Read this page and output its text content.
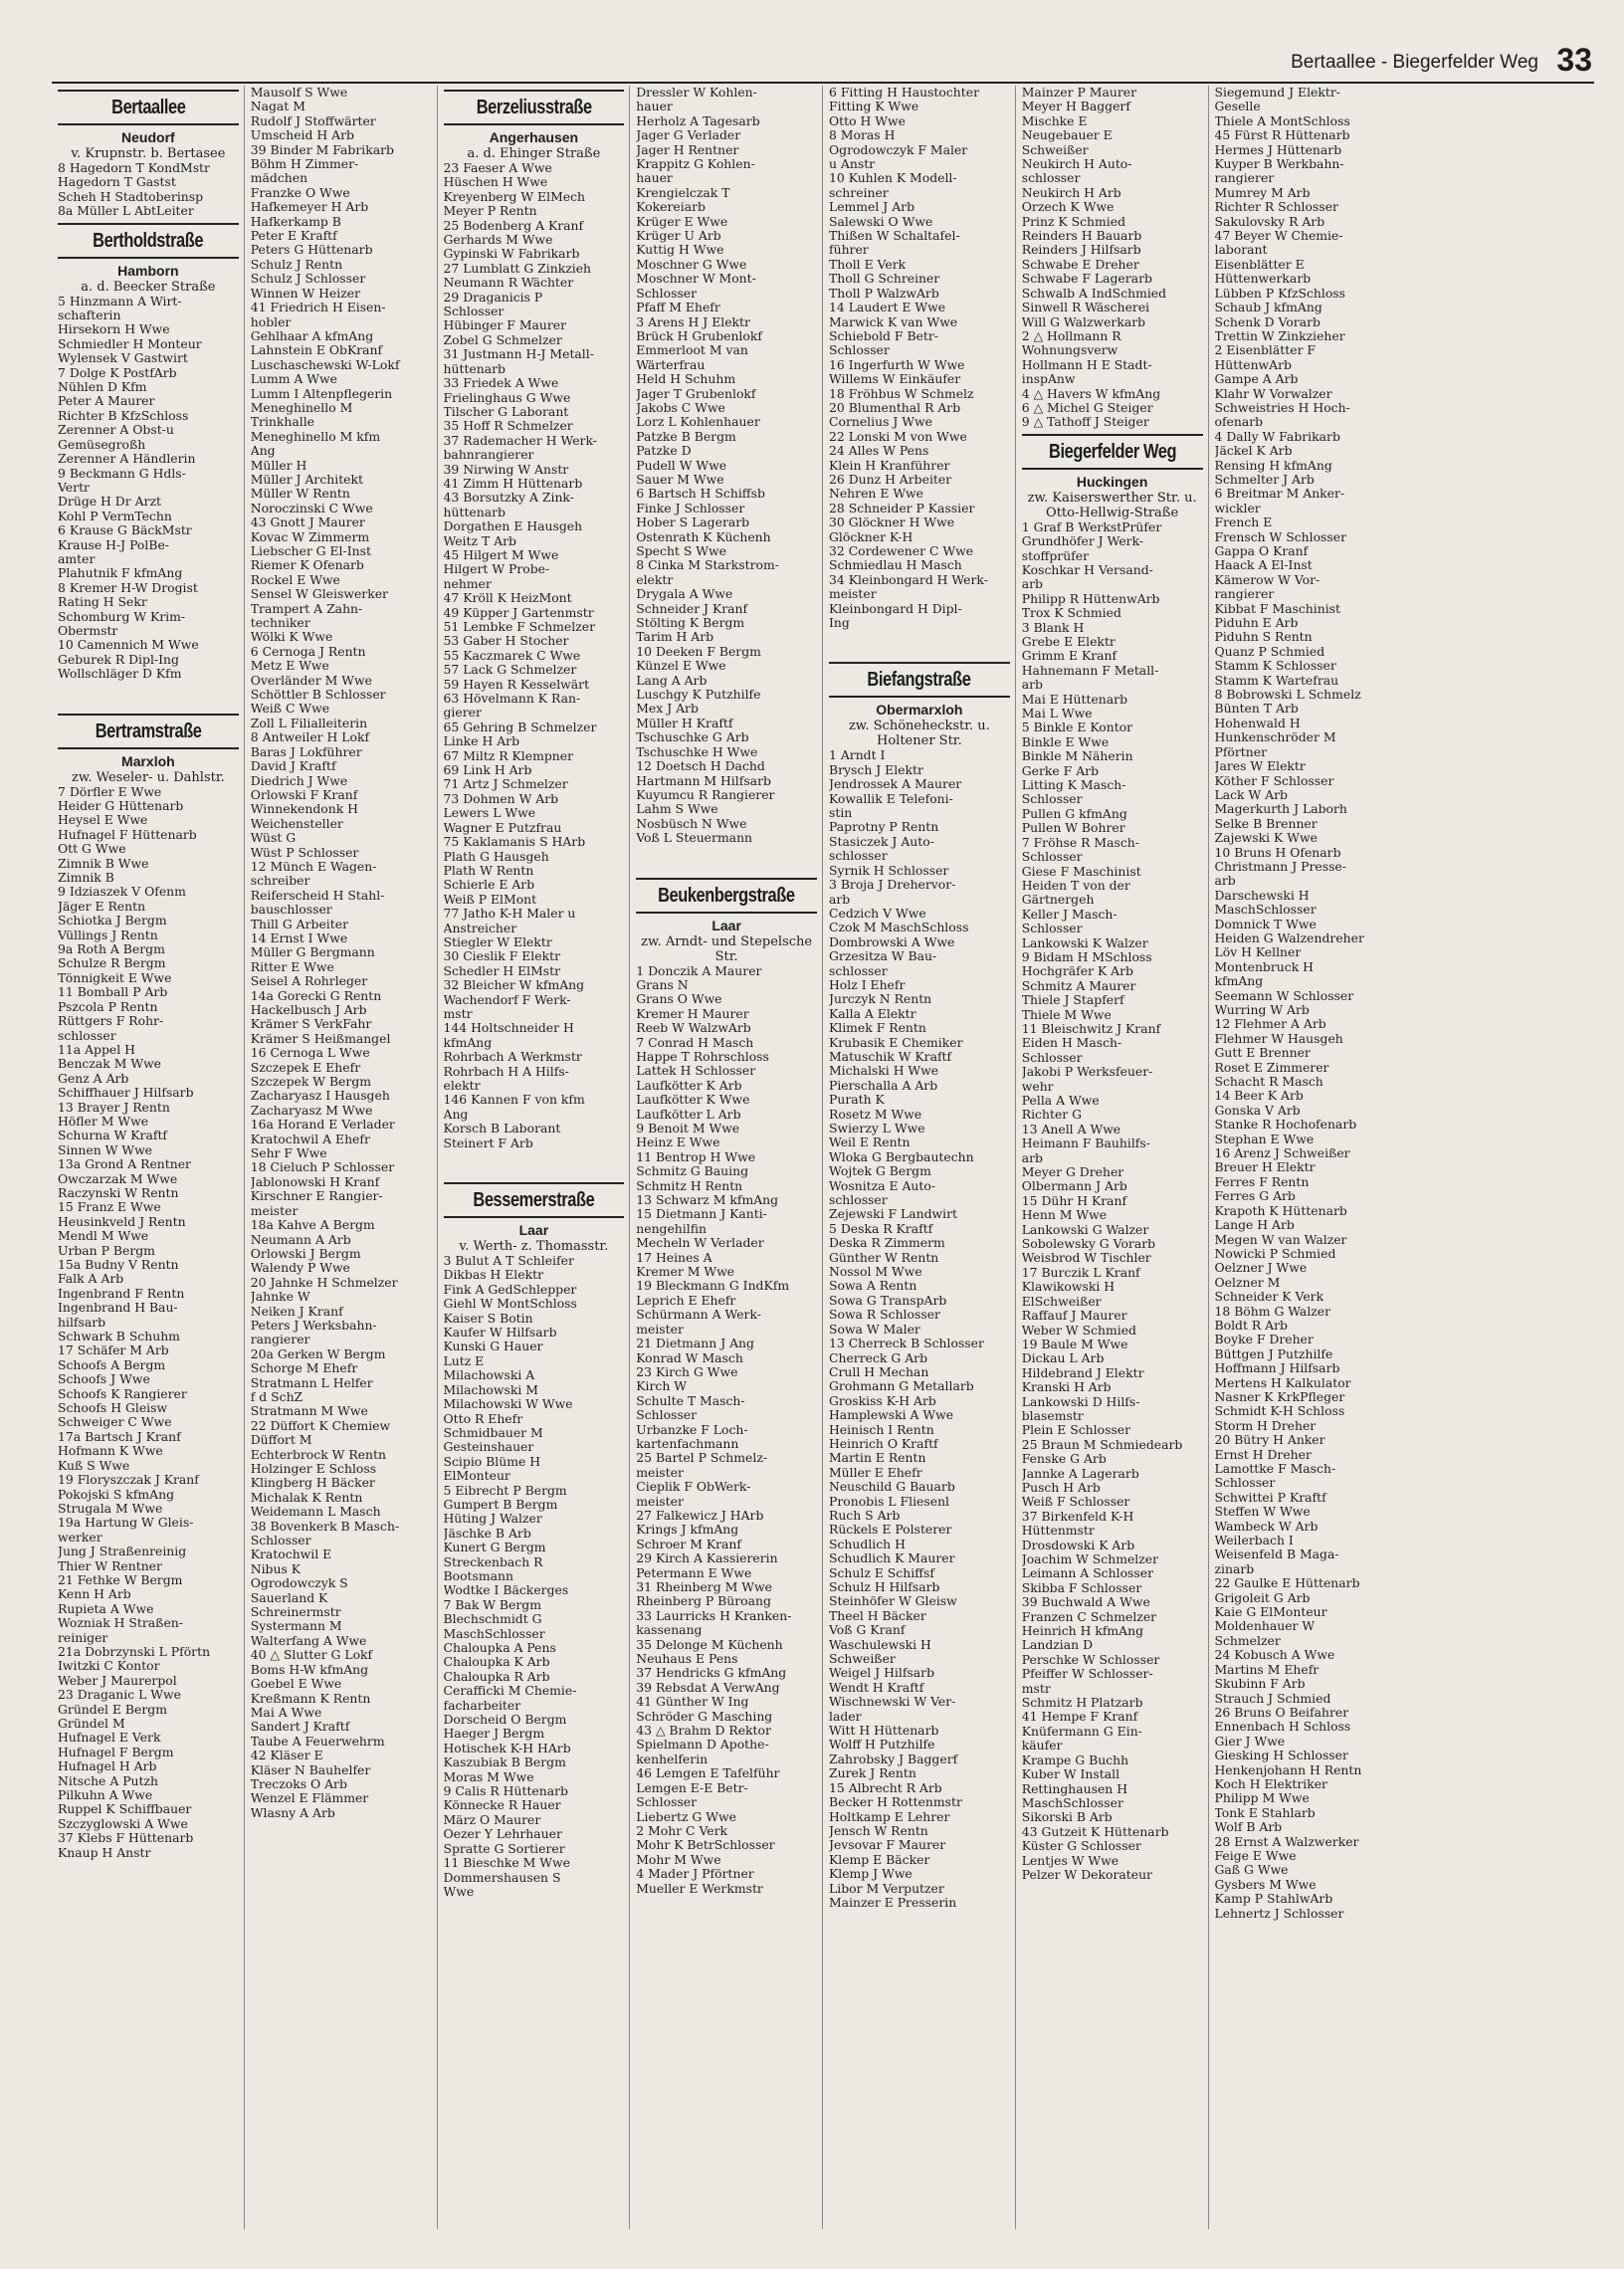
Bertaallee - Biegerfelder Weg 33
Bertaallee
Neudorf
v. Krupnstr. b. Bertasee
8 Hagedorn T KondMstr
Hagedorn T Gastst
Scheh H Stadtoberinsp
8a Müller L AbtLeiter
Bertholdstraße
Hamborn
a. d. Beecker Straße
5 Hinzmann A Wirt-
schafterin
Hirsekorn H Wwe
Schmiedler H Monteur
Wylensek V Gastwirt
7 Dolge K PostfArb
Nühlen D Kfm
Peter A Maurer
Richter B KfzSchloss
Zerenner A Obst-u
Gemüsegroßh
Zerenner A Händlerin
9 Beckmann G Hdls-
Vertr
Drüge H Dr Arzt
Kohl P VermTechn
6 Krause G BäckMstr
Krause H-J PolBe-
amter
Plahutnik F kfmAng
8 Kremer H-W Drogist
Rating H Sekr
Schomburg W Krim-
Obermstr
10 Camennich M Wwe
Geburek R Dipl-Ing
Wollschläger D Kfm
Bertramstraße
Marxloh
zw. Weseler- u. Dahlstr.
7 Dörfler E Wwe
Heider G Hüttenarb
Heysel E Wwe
Hufnagel F Hüttenarb
Ott G Wwe
Zimnik B Wwe
Zimnik B
9 Idziaszek V Ofenm
Jäger E Rentn
Schiotka J Bergm
Vüllings J Rentn
9a Roth A Bergm
Schulze R Bergm
Tönnigkeit E Wwe
11 Bomball P Arb
Pszcola P Rentn
Rüttgers F Rohr-
schlosser
11a Appel H
Benczak M Wwe
Genz A Arb
Schiffhauer J Hilfsarb
13 Brayer J Rentn
Höfler M Wwe
Schurna W Kraftf
Sinnen W Wwe
13a Grond A Rentner
Owczarzak M Wwe
Raczynski W Rentn
15 Franz E Wwe
Heusinkveld J Rentn
Mendl M Wwe
Urban P Bergm
15a Budny V Rentn
Falk A Arb
Ingenbrand F Rentn
Ingenbrand H Bau-
hilfsarb
Schwark B Schuhm
17 Schäfer M Arb
Schoofs A Bergm
Schoofs J Wwe
Schoofs K Rangierer
Schoofs H Gleisw
Schweiger C Wwe
17a Bartsch J Kranf
Hofmann K Wwe
Kuß S Wwe
19 Floryszczak J Kranf
Pokojski S kfmAng
Strugala M Wwe
19a Hartung W Gleis-
werker
Jung J Straßenreinig
Thier W Rentner
21 Fethke W Bergm
Kenn H Arb
Rupieta A Wwe
Wozniak H Straßen-
reiniger
21a Dobrzynski L Pförtn
Iwitzki C Kontor
Weber J Maurerpol
23 Draganic L Wwe
Gründel E Bergm
Gründel M
Hufnagel E Verk
Hufnagel F Bergm
Hufnagel H Arb
Nitsche A Putzh
Pilkuhn A Wwe
Ruppel K Schiffbauer
Szczyglowski A Wwe
37 Klebs F Hüttenarb
Knaup H Anstr
Mausolf S Wwe
Nagat M
Rudolf J Stoffwärter
Umscheid H Arb
39 Binder M Fabrikarb
Böhm H Zimmer-
mädchen
Franzke O Wwe
Hafkemeyer H Arb
Hafkerkamp B
Peter E Kraftf
Peters G Hüttenarb
Schulz J Rentn
Schulz J Schlosser
Winnen W Heizer
41 Friedrich H Eisen-
hobler
Gehlhaar A kfmAng
Lahnstein E ObKranf
Luschaschewski W-Lokf
Lumm A Wwe
Lumm I Altenpflegerin
Meneghinello M
Trinkhalle
Meneghinello M kfm
Ang
Müller H
Müller J Architekt
Müller W Rentn
Noroczinski C Wwe
43 Gnott J Maurer
Kovac W Zimmerm
Liebscher G El-Inst
Riemer K Ofenarb
Rockel E Wwe
Sensel W Gleiswerker
Trampert A Zahn-
techniker
Wölki K Wwe
6 Cernoga J Rentn
Metz E Wwe
Overländer M Wwe
Schöttler B Schlosser
Weiß C Wwe
Zoll L Filialleiterin
8 Antweiler H Lokf
Baras J Lokführer
David J Kraftf
Diedrich J Wwe
Orlowski F Kranf
Winnekendonk H
Weichensteller
Wüst G
Wüst P Schlosser
12 Münch E Wagen-
schreiber
Reiferscheid H Stahl-
bauschlosser
Thill G Arbeiter
14 Ernst I Wwe
Müller G Bergmann
Ritter E Wwe
Seisel A Rohrleger
14a Gorecki G Rentn
Hackelbusch J Arb
Krämer S VerkFahr
Krämer S Heißmangel
16 Cernoga L Wwe
Szczepek E Ehefr
Szczepek W Bergm
Zacharyasz I Hausgeh
Zacharyasz M Wwe
16a Horand E Verlader
Kratochwil A Ehefr
Sehr F Wwe
18 Cieluch P Schlosser
Jablonowski H Kranf
Kirschner E Rangier-
meister
18a Kahve A Bergm
Neumann A Arb
Orlowski J Bergm
Walendy P Wwe
20 Jahnke H Schmelzer
Jahnke W
Neiken J Kranf
Peters J Werksbahn-
rangierer
20a Gerken W Bergm
Schorge M Ehefr
Stratmann L Helfer
f d SchZ
Stratmann M Wwe
22 Düffort K Chemiew
Düffort M
Echterbrock W Rentn
Holzinger E Schloss
Klingberg H Bäcker
Michalak K Rentn
Weidemann L Masch
38 Bovenkerk B Masch-
Schlosser
Kratochwil E
Nibus K
Ogrodowczyk S
Sauerland K
Schreinermstr
Systermann M
Walterfang A Wwe
40 △ Slutter G Lokf
Boms H-W kfmAng
Goebel E Wwe
Kreßmann K Rentn
Mai A Wwe
Sandert J Kraftf
Taube A Feuerwehrm
42 Kläser E
Kläser N Bauhelfer
Treczoks O Arb
Wenzel E Flämmer
Wlasny A Arb
Berzeliusstraße
Angerhausen
a. d. Ehinger Straße
23 Faeser A Wwe
Hüschen H Wwe
Kreyenberg W ElMech
Meyer P Rentn
25 Bodenberg A Kranf
Gerhards M Wwe
Gypinski W Fabrikarb
27 Lumblatt G Zinkzieh
Neumann R Wächter
29 Draganicis P
Schlosser
Hübinger F Maurer
Zobel G Schmelzer
31 Justmann H-J Metall-
hüttenarb
33 Friedek A Wwe
Frielinghaus G Wwe
Tilscher G Laborant
35 Hoff R Schmelzer
37 Rademacher H Werk-
bahnrangierer
39 Nirwing W Anstr
41 Zimm H Hüttenarb
43 Borsutzky A Zink-
hüttenarb
Dorgathen E Hausgeh
Weitz T Arb
45 Hilgert M Wwe
Hilgert W Probe-
nehmer
47 Kröll K HeizMont
49 Küpper J Gartenmstr
51 Lembke F Schmelzer
53 Gaber H Stocher
55 Kaczmarek C Wwe
57 Lack G Schmelzer
59 Hayen R Kesselwärt
63 Hövelmann K Ran-
gierer
65 Gehring B Schmelzer
Linke H Arb
67 Miltz R Klempner
69 Link H Arb
71 Artz J Schmelzer
73 Dohmen W Arb
Lewers L Wwe
Wagner E Putzfrau
75 Kaklamanis S HArb
Plath G Hausgeh
Plath W Rentn
Schierle E Arb
Weiß P ElMont
77 Jatho K-H Maler u
Anstreicher
Stiegler W Elektr
30 Cieslik F Elektr
Schedler H ElMstr
32 Bleicher W kfmAng
Wachendorf F Werk-
mstr
144 Holtschneider H
kfmAng
Rohrbach A Werkmstr
Rohrbach H A Hilfs-
elektr
146 Kannen F von kfm
Ang
Korsch B Laborant
Steinert F Arb
Bessemerstraße
Laar
v. Werth- z. Thomasstr.
3 Bulut A T Schleifer
Dikbas H Elektr
Fink A GedSchlepper
Giehl W MontSchloss
Kaiser S Botin
Kaufer W Hilfsarb
Kunski G Hauer
Lutz E
Milachowski A
Milachowski M
Milachowski W Wwe
Otto R Ehefr
Schmidbauer M
Gesteinshauer
Scipio Blüme H
ElMonteur
5 Eibrecht P Bergm
Gumpert B Bergm
Hüting J Walzer
Jäschke B Arb
Kunert G Bergm
Streckenbach R
Bootsmann
Wodtke I Bäckerges
7 Bak W Bergm
Blechschmidt G
MaschSchlosser
Chaloupka A Pens
Chaloupka K Arb
Chaloupka R Arb
Cerafficki M Chemie-
facharbeiter
Dorscheid O Bergm
Haeger J Bergm
Hotischek K-H HArb
Kaszubiak B Bergm
Moras M Wwe
9 Calis R Hüttenarb
Könnecke R Hauer
März O Maurer
Oezer Y Lehrhauer
Spratte G Sortierer
11 Bieschke M Wwe
Dommershausen S
Wwe
Dressler W Kohlen-
hauer
Herholz A Tagesarb
Jager G Verlader
Jager H Rentner
Krappitz G Kohlen-
hauer
Krengielczak T
Kokereiarb
Krüger E Wwe
Krüger U Arb
Kuttig H Wwe
Moschner G Wwe
Moschner W Mont-
Schlosser
Pfaff M Ehefr
3 Arens H J Elektr
Brück H Grubenlokf
Emmerloot M van
Wärterfrau
Held H Schuhm
Jager T Grubenlokf
Jakobs C Wwe
Lorz L Kohlenhauer
Patzke B Bergm
Patzke D
Pudell W Wwe
Sauer M Wwe
6 Bartsch H Schiffsb
Finke J Schlosser
Hober S Lagerarb
Ostenrath K Küchenh
Specht S Wwe
8 Cinka M Starkstrom-
elektr
Drygala A Wwe
Schneider J Kranf
Stölting K Bergm
Tarim H Arb
10 Deeken F Bergm
Künzel E Wwe
Lang A Arb
Luschgy K Putzhilfe
Mex J Arb
Müller H Kraftf
Tschuschke G Arb
Tschuschke H Wwe
12 Doetsch H Dachd
Hartmann M Hilfsarb
Kuyumcu R Rangierer
Lahm S Wwe
Nosbüsch N Wwe
Voß L Steuermann
Beukenbergstraße
Laar
zw. Arndt- und Stepelsche Str.
1 Donczik A Maurer
Grans N
Grans O Wwe
Kremer H Maurer
Reeb W WalzwArb
7 Conrad H Masch
Happe T Rohrschloss
Lattek H Schlosser
Laufkötter K Arb
Laufkötter K Wwe
Laufkötter L Arb
9 Benoit M Wwe
Heinz E Wwe
11 Bentrop H Wwe
Schmitz G Bauing
Schmitz H Rentn
13 Schwarz M kfmAng
15 Dietmann J Kanti-
nengehilfin
Mecheln W Verlader
17 Heines A
Kremer M Wwe
19 Bleckmann G IndKfm
Leprich E Ehefr
Schürmann A Werk-
meister
21 Dietmann J Ang
Konrad W Masch
23 Kirch G Wwe
Kirch W
Schulte T Masch-
Schlosser
Urbanzke F Loch-
kartenfachmann
25 Bartel P Schmelz-
meister
Cieplik F ObWerk-
meister
27 Falkewicz J HArb
Krings J kfmAng
Schroer M Kranf
29 Kirch A Kassiererin
Petermann E Wwe
31 Rheinberg M Wwe
Rheinberg P Büroang
33 Laurricks H Kranken-
kassenang
35 Delonge M Küchenh
Neuhaus E Pens
37 Hendricks G kfmAng
39 Rebsdat A VerwAng
41 Günther W Ing
Schröder G Masching
43 △ Brahm D Rektor
Spielmann D Apothe-
kenhelferin
46 Lemgen E Tafelführ
Lemgen E-E Betr-
Schlosser
Liebertz G Wwe
2 Mohr C Verk
Mohr K BetrSchlosser
Mohr M Wwe
4 Mader J Pförtner
Mueller E Werkmstr
6 Fitting H Haustochter
Fitting K Wwe
Otto H Wwe
8 Moras H
Ogrodowczyk F Maler
u Anstr
10 Kuhlen K Modell-
schreiner
Lemmel J Arb
Salewski O Wwe
Thißen W Schaltafel-
führer
Tholl E Verk
Tholl G Schreiner
Tholl P WalzwArb
14 Laudert E Wwe
Marwick K van Wwe
Schiebold F Betr-
Schlosser
16 Ingerfurth W Wwe
Willems W Einkäufer
18 Fröhbus W Schmelz
20 Blumenthal R Arb
Cornelius J Wwe
22 Lonski M von Wwe
24 Alles W Pens
Klein H Kranführer
26 Dunz H Arbeiter
Nehren E Wwe
28 Schneider P Kassier
30 Glöckner H Wwe
Glöckner K-H
32 Cordewener C Wwe
Schmiedlau H Masch
34 Kleinbongard H Werk-
meister
Kleinbongard H Dipl-
Ing
Biefangstraße
Obermarxloh
zw. Schöneheckstr. u. Holtener Str.
1 Arndt I
Brysch J Elektr
Jendrossek A Maurer
Kowallik E Telefoni-
stin
Paprotny P Rentn
Stasiczek J Auto-
schlosser
Syrnik H Schlosser
3 Broja J Drehervor-
arb
Cedzich V Wwe
Czok M MaschSchloss
Dombrowski A Wwe
Grzesitza W Bau-
schlosser
Holz I Ehefr
Jurczyk N Rentn
Kalla A Elektr
Klimek F Rentn
Krubasik E Chemiker
Matuschik W Kraftf
Michalski H Wwe
Pierschalla A Arb
Purath K
Rosetz M Wwe
Swierzy L Wwe
Weil E Rentn
Wloka G Bergbautechn
Wojtek G Bergm
Wosnitza E Auto-
schlosser
Zejewski F Landwirt
5 Deska R Kraftf
Deska R Zimmerm
Günther W Rentn
Nossol M Wwe
Sowa A Rentn
Sowa G TranspArb
Sowa R Schlosser
Sowa W Maler
13 Cherreck B Schlosser
Cherreck G Arb
Crull H Mechan
Grohmann G Metallarb
Groskiss K-H Arb
Hamplewski A Wwe
Heinisch I Rentn
Heinrich O Kraftf
Martin E Rentn
Müller E Ehefr
Neuschild G Bauarb
Pronobis L Fliesenl
Ruch S Arb
Rückels E Polsterer
Schudlich H
Schudlich K Maurer
Schulz E Schiffsf
Schulz H Hilfsarb
Steinhöfer W Gleisw
Theel H Bäcker
Voß G Kranf
Waschulewski H
Schweißer
Weigel J Hilfsarb
Wendt H Kraftf
Wischnewski W Ver-
lader
Witt H Hüttenarb
Wolff H Putzhilfe
Zahrobsky J Baggerf
Zurek J Rentn
15 Albrecht R Arb
Becker H Rottenmstr
Holtkamp E Lehrer
Jensch W Rentn
Jevsovar F Maurer
Klemp E Bäcker
Klemp J Wwe
Libor M Verputzer
Mainzer E Presserin
Mainzer P Maurer
Meyer H Baggerf
Mischke E
Neugebauer E
Schweißer
Neukirch H Auto-
schlosser
Neukirch H Arb
Orzech K Wwe
Prinz K Schmied
Reinders H Bauarb
Reinders J Hilfsarb
Schwabe E Dreher
Schwabe F Lagerarb
Schwalb A IndSchmied
Sinwell R Wäscherei
Will G Walzwerkarb
2 △ Hollmann R
Wohnungsverw
Hollmann H E Stadt-
inspAnw
4 △ Havers W kfmAng
6 △ Michel G Steiger
9 △ Tathoff J Steiger
Biegerfelder Weg
Huckingen
zw. Kaiserswerther Str. u. Otto-Hellwig-Straße
1 Graf B WerkstPrüfer
Grundhöfer J Werk-
stoffprüfer
Koschkar H Versand-
arb
Philipp R HüttenwArb
Trox K Schmied
3 Blank H
Grebe E Elektr
Grimm E Kranf
Hahnemann F Metall-
arb
Mai E Hüttenarb
Mai L Wwe
5 Binkle E Kontor
Binkle E Wwe
Binkle M Näherin
Gerke F Arb
Litting K Masch-
Schlosser
Pullen G kfmAng
Pullen W Bohrer
7 Fröhse R Masch-
Schlosser
Giese F Maschinist
Heiden T von der
Gärtnergeh
Keller J Masch-
Schlosser
Lankowski K Walzer
9 Bidam H MSchloss
Hochgräfer K Arb
Schmitz A Maurer
Thiele J Stapferf
Thiele M Wwe
11 Bleischwitz J Kranf
Eiden H Masch-
Schlosser
Jakobi P Werksfeuer-
wehr
Pella A Wwe
Richter G
13 Anell A Wwe
Heimann F Bauhilfs-
arb
Meyer G Dreher
Olbermann J Arb
15 Dühr H Kranf
Henn M Wwe
Lankowski G Walzer
Sobolewsky G Vorarb
Weisbrod W Tischler
17 Burczik L Kranf
Klawikowski H
ElSchweißer
Raffauf J Maurer
Weber W Schmied
19 Baule M Wwe
Dickau L Arb
Hildebrand J Elektr
Kranski H Arb
Lankowski D Hilfs-
blasemstr
Plein E Schlosser
25 Braun M Schmiedearb
Fenske G Arb
Jannke A Lagerarb
Pusch H Arb
Weiß F Schlosser
37 Birkenfeld K-H
Hüttenmstr
Drosdowski K Arb
Joachim W Schmelzer
Leimann A Schlosser
Skibba F Schlosser
39 Buchwald A Wwe
Franzen C Schmelzer
Heinrich H kfmAng
Landzian D
Perschke W Schlosser
Pfeiffer W Schlosser-
mstr
Schmitz H Platzarb
41 Hempe F Kranf
Knüfermann G Ein-
käufer
Krampe G Buchh
Kuber W Install
Rettinghausen H
MaschSchlosser
Sikorski B Arb
43 Gutzeit K Hüttenarb
Küster G Schlosser
Lentjes W Wwe
Pelzer W Dekorateur
Siegemund J Elektr-
Geselle
Thiele A MontSchloss
45 Fürst R Hüttenarb
Hermes J Hüttenarb
Kuyper B Werkbahn-
rangierer
Mumrey M Arb
Richter R Schlosser
Sakulovsky R Arb
47 Beyer W Chemie-
laborant
Eisenblätter E
Hüttenwerkarb
Lübben P KfzSchloss
Schaub J kfmAng
Schenk D Vorarb
Trettin W Zinkzieher
2 Eisenblätter F
HüttenwArb
Gampe A Arb
Klahr W Vorwalzer
Schweistries H Hoch-
ofenarb
4 Dally W Fabrikarb
Jäckel K Arb
Rensing H kfmAng
Schmelter J Arb
6 Breitmar M Anker-
wickler
French E
Frensch W Schlosser
Gappa O Kranf
Haack A El-Inst
Kämerow W Vor-
rangierer
Kibbat F Maschinist
Piduhn E Arb
Piduhn S Rentn
Quanz P Schmied
Stamm K Schlosser
Stamm K Wartefrau
8 Bobrowski L Schmelz
Bünten T Arb
Hohenwald H
Hunkenschröder M
Pförtner
Jares W Elektr
Köther F Schlosser
Lack W Arb
Magerkurth J Laborh
Selke B Brenner
Zajewski K Wwe
10 Bruns H Ofenarb
Christmann J Presse-
arb
Darschewski H
MaschSchlosser
Domnick T Wwe
Heiden G Walzendreher
Löv H Kellner
Montenbruck H
kfmAng
Seemann W Schlosser
Wurring W Arb
12 Flehmer A Arb
Flehmer W Hausgeh
Gutt E Brenner
Roset E Zimmerer
Schacht R Masch
14 Beer K Arb
Gonska V Arb
Stanke R Hochofenarb
Stephan E Wwe
16 Arenz J Schweißer
Breuer H Elektr
Ferres F Rentn
Ferres G Arb
Krapoth K Hüttenarb
Lange H Arb
Megen W van Walzer
Nowicki P Schmied
Oelzner J Wwe
Oelzner M
Schneider K Verk
18 Böhm G Walzer
Boldt R Arb
Boyke F Dreher
Büttgen J Putzhilfe
Hoffmann J Hilfsarb
Mertens H Kalkulator
Nasner K KrkPfleger
Schmidt K-H Schloss
Storm H Dreher
20 Bütry H Anker
Ernst H Dreher
Lamottke F Masch-
Schlosser
Schwittei P Kraftf
Steffen W Wwe
Wambeck W Arb
Weilerbach I
Weisenfeld B Maga-
zinarb
22 Gaulke E Hüttenarb
Grigoleit G Arb
Kaie G ElMonteur
Moldenhauer W
Schmelzer
24 Kobusch A Wwe
Martins M Ehefr
Skubinn F Arb
Strauch J Schmied
26 Bruns O Beifahrer
Ennenbach H Schloss
Gier J Wwe
Giesking H Schlosser
Henkenjohann H Rentn
Koch H Elektriker
Philipp M Wwe
Tonk E Stahlarb
Wolf B Arb
28 Ernst A Walzwerker
Feige E Wwe
Gaß G Wwe
Gysbers M Wwe
Kamp P StahlwArb
Lehnertz J Schlosser
